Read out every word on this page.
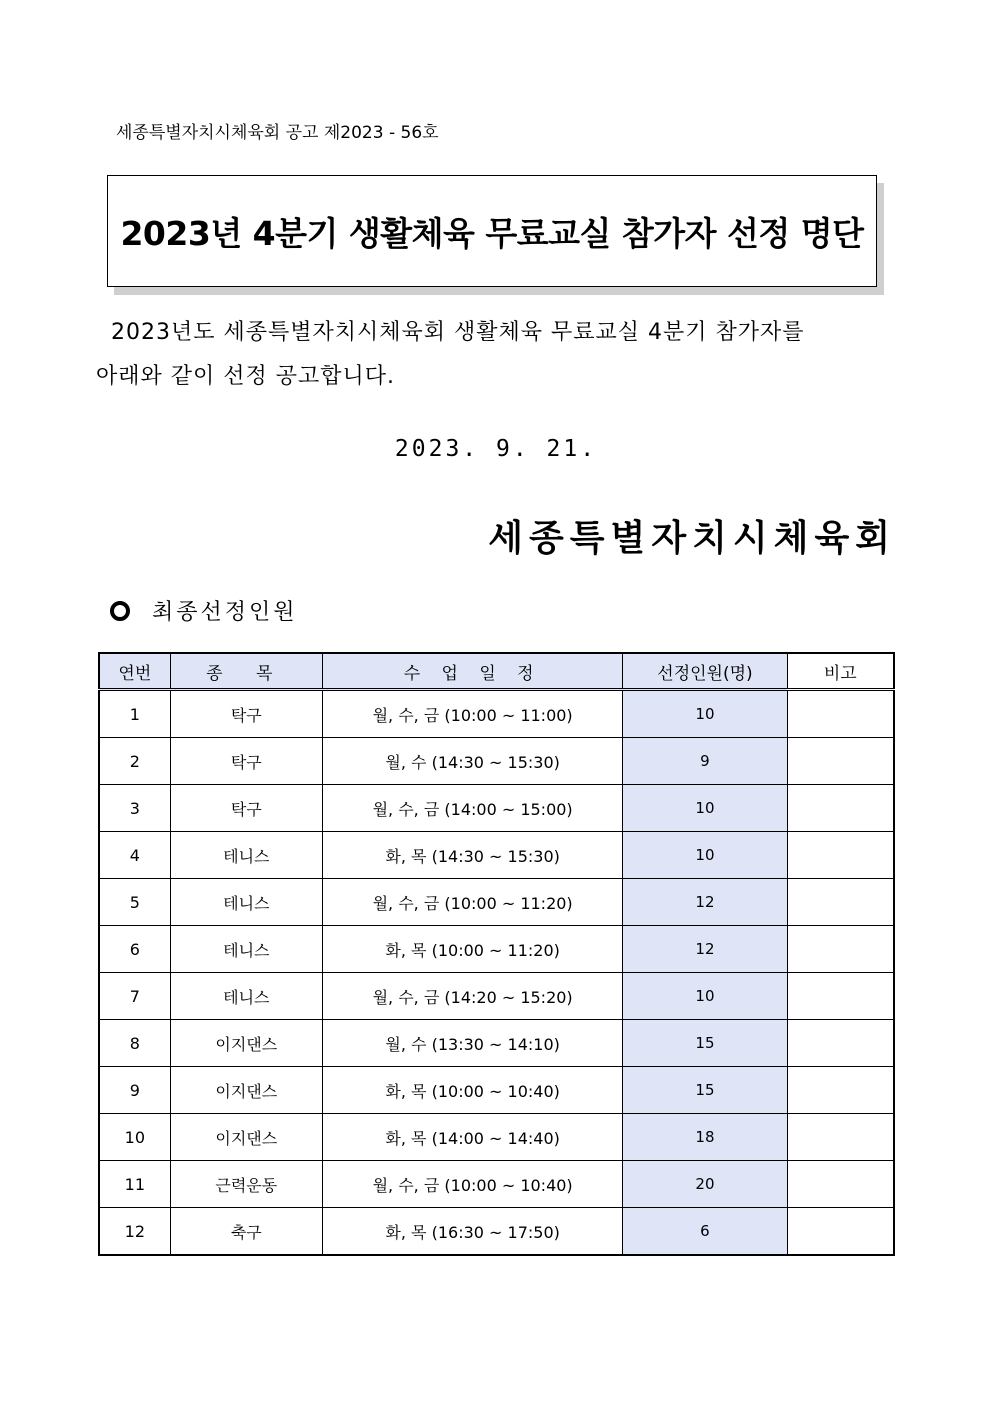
세종특별자치시체육회 공고 제2023 - 56호
2023년 4분기 생활체육 무료교실 참가자 선정 명단
2023년도 세종특별자치시체육회 생활체육 무료교실 4분기 참가자를
아래와 같이 선정 공고합니다.
2023. 9. 21.
세종특별자치시체육회
최종선정인원
연번	종 목	수 업 일 정	선정인원(명)	비고
1	탁구	월, 수, 금 (10:00 ~ 11:00)	10	
2	탁구	월, 수 (14:30 ~ 15:30)	9	
3	탁구	월, 수, 금 (14:00 ~ 15:00)	10	
4	테니스	화, 목 (14:30 ~ 15:30)	10	
5	테니스	월, 수, 금 (10:00 ~ 11:20)	12	
6	테니스	화, 목 (10:00 ~ 11:20)	12	
7	테니스	월, 수, 금 (14:20 ~ 15:20)	10	
8	이지댄스	월, 수 (13:30 ~ 14:10)	15	
9	이지댄스	화, 목 (10:00 ~ 10:40)	15	
10	이지댄스	화, 목 (14:00 ~ 14:40)	18	
11	근력운동	월, 수, 금 (10:00 ~ 10:40)	20	
12	축구	화, 목 (16:30 ~ 17:50)	6	
